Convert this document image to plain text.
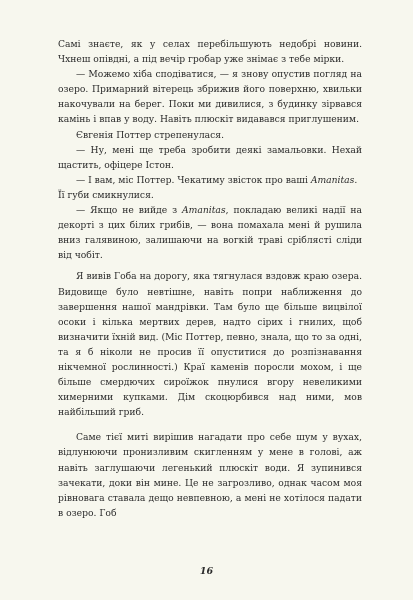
Самі знаєте, як у селах перебільшують недобрі новини. Чхнеш опівдні, а під вечір гробар уже знімає з тебе мірки.

— Можемо хіба сподіватися, — я знову опустив погляд на озеро. Примарний вітерець збрижив його поверхню, хвильки накочували на берег. Поки ми дивилися, з будинку зірвався камінь і впав у воду. Навіть плюскіт видавався приглушеним.

Євгенія Поттер стрепенулася.

— Ну, мені ще треба зробити деякі замальовки. Нехай щастить, офіцере Істон.

— І вам, міс Поттер. Чекатиму звісток про ваші Amanitas.

Її губи смикнулися.

— Якщо не вийде з Amanitas, покладаю великі надії на декорті з цих білих грибів, — вона помахала мені й рушила вниз галявиною, залишаючи на вогкій траві сріблясті сліди від чобіт.

Я вивів Гоба на дорогу, яка тягнулася вздовж краю озера. Видовище було невтішне, навіть попри наближення до завершення нашої мандрівки. Там було ще більше вицвілої осоки і кілька мертвих дерев, надто сірих і гнилих, щоб визначити їхній вид. (Міс Поттер, певно, знала, що то за одні, та я б ніколи не просив її опуститися до розпізнавання нікчемної рослинності.) Краї каменів поросли мохом, і ще більше смердючих сироїжок пнулися вгору невеликими химерними купками. Дім скоцюрбився над ними, мов найбільший гриб.

Саме тієї миті вирішив нагадати про себе шум у вухах, відлунюючи пронизливим скигленням у мене в голові, аж навіть заглушаючи легенький плюскіт води. Я зупинився зачекати, доки він мине. Це не загрозливо, однак часом моя рівновага ставала дещо невпевною, а мені не хотілося падати в озеро. Гоб

16
